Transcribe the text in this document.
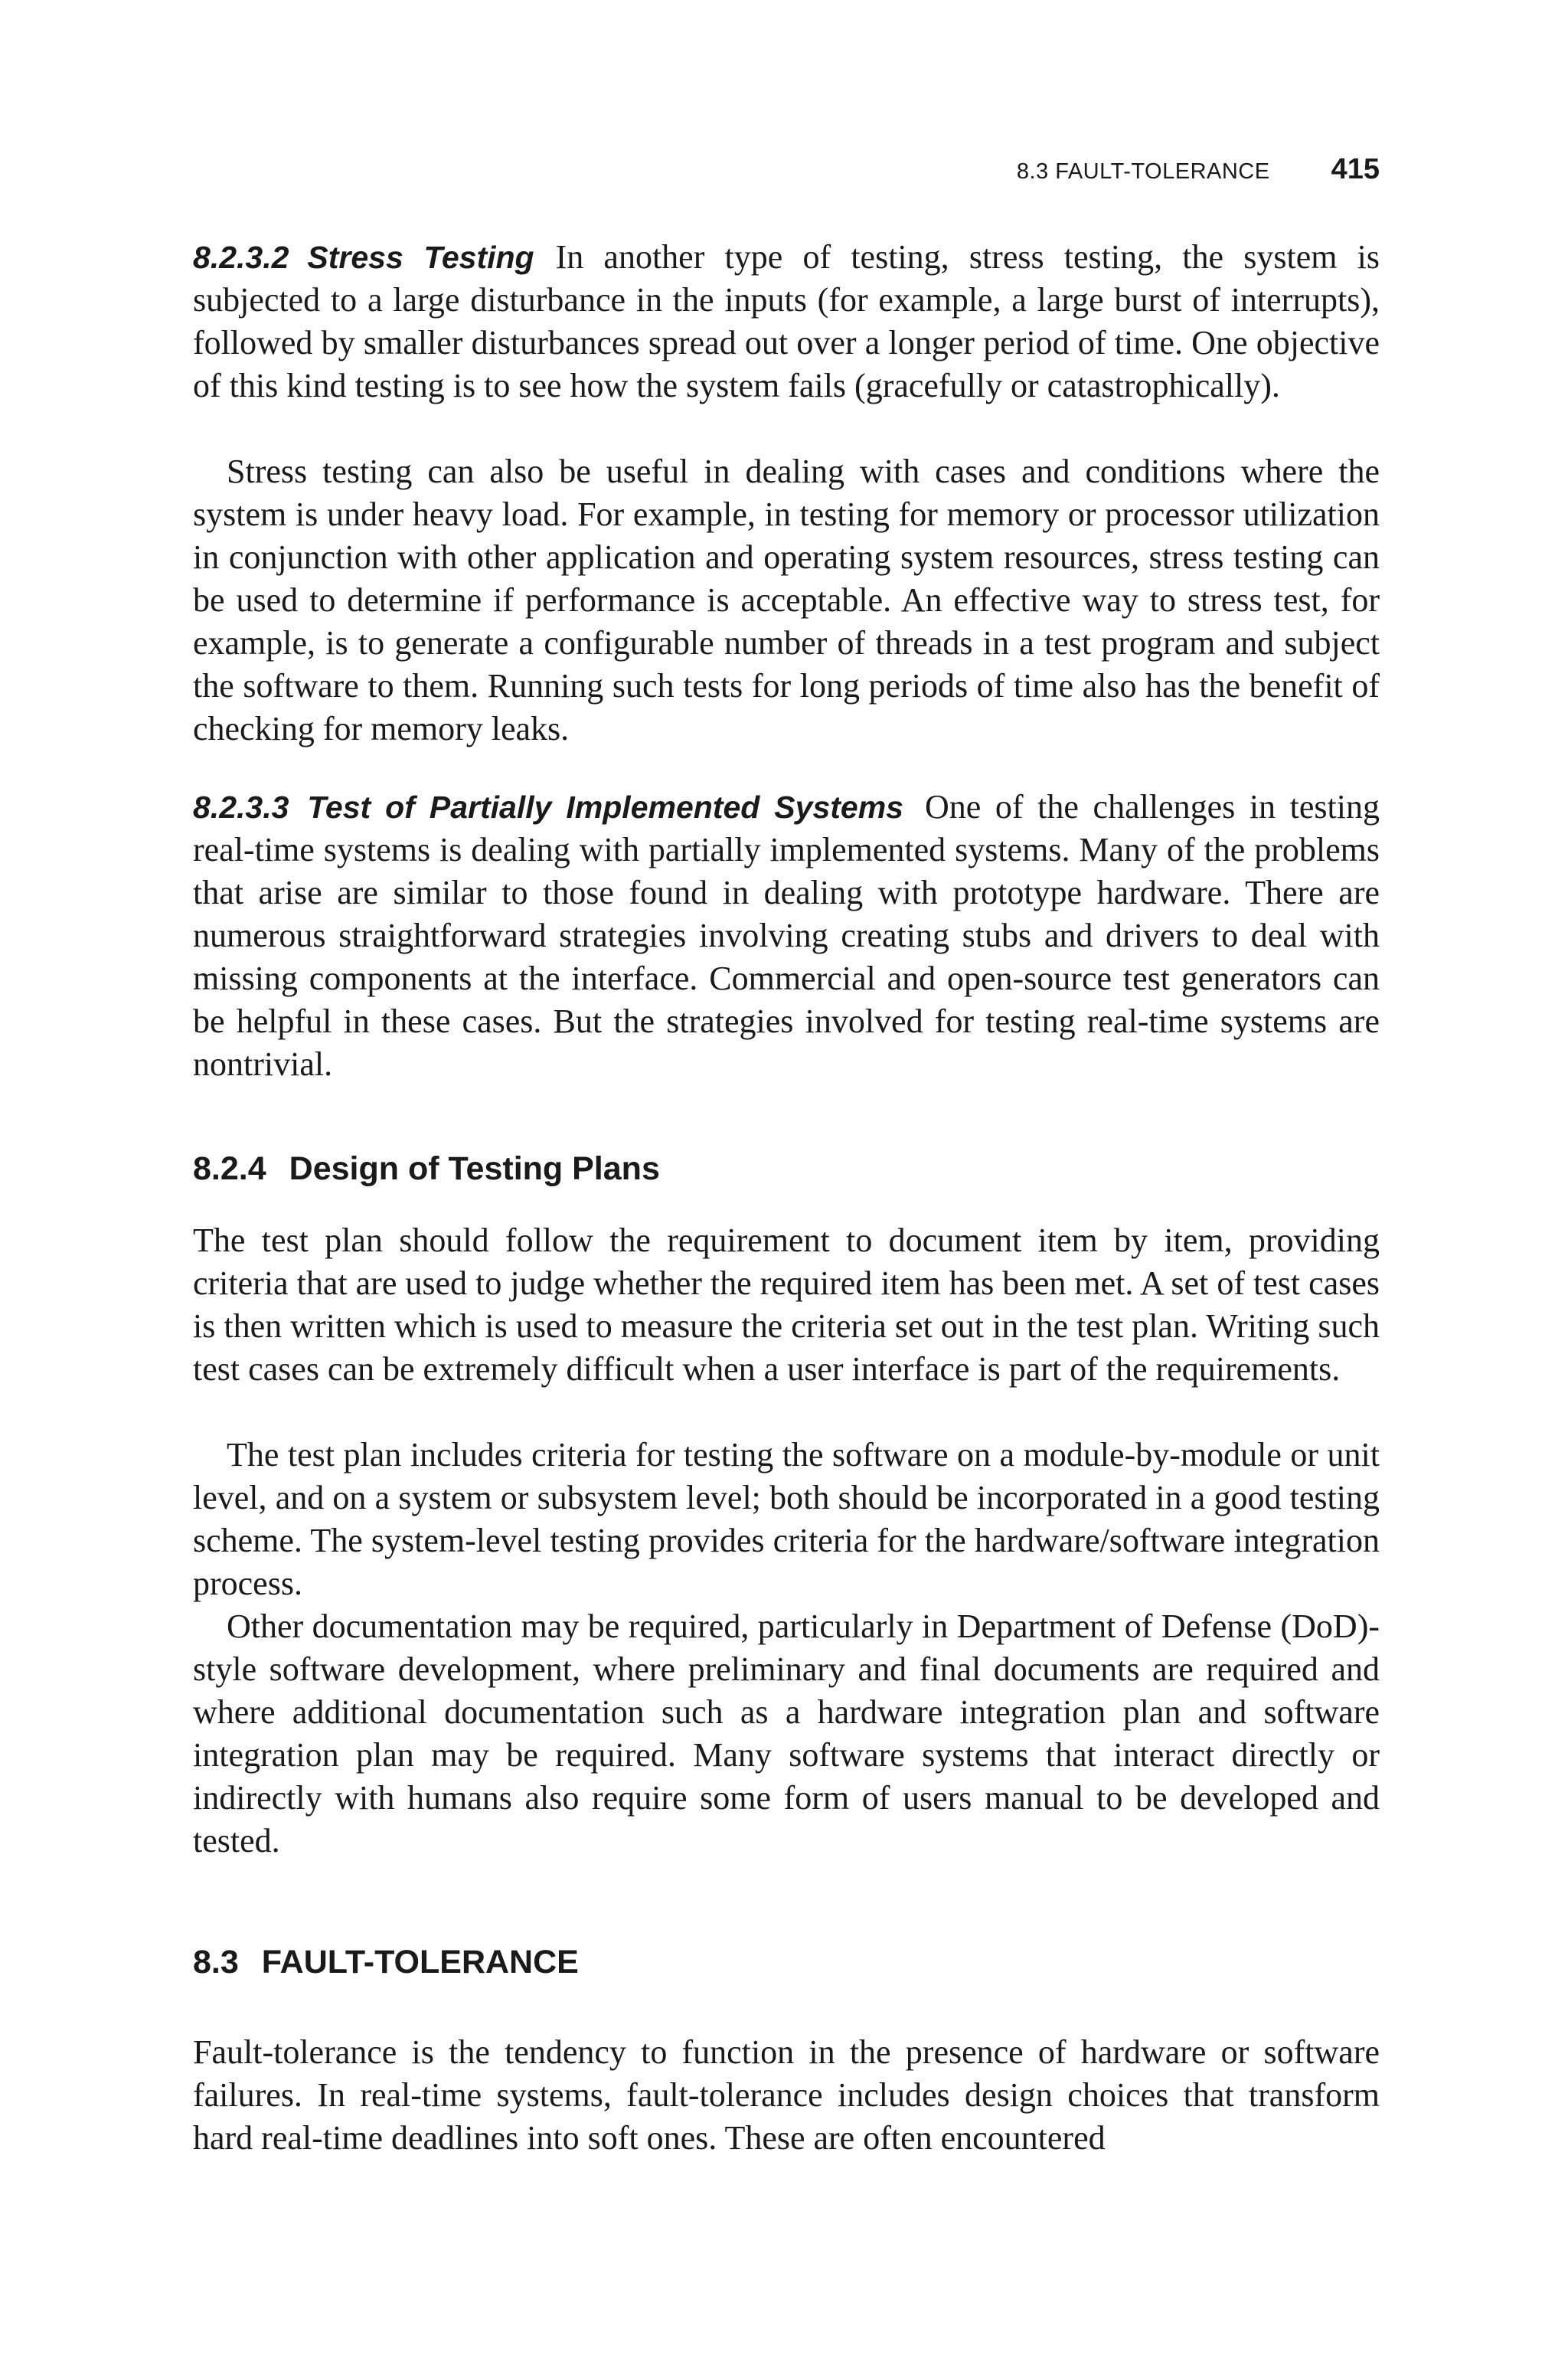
8.3 FAULT-TOLERANCE 415

8.2.3.2 Stress Testing In another type of testing, stress testing, the system is subjected to a large disturbance in the inputs (for example, a large burst of interrupts), followed by smaller disturbances spread out over a longer period of time. One objective of this kind testing is to see how the system fails (gracefully or catastrophically).

Stress testing can also be useful in dealing with cases and conditions where the system is under heavy load. For example, in testing for memory or processor utilization in conjunction with other application and operating system resources, stress testing can be used to determine if performance is acceptable. An effective way to stress test, for example, is to generate a configurable number of threads in a test program and subject the software to them. Running such tests for long periods of time also has the benefit of checking for memory leaks.

8.2.3.3 Test of Partially Implemented Systems One of the challenges in testing real-time systems is dealing with partially implemented systems. Many of the problems that arise are similar to those found in dealing with prototype hardware. There are numerous straightforward strategies involving creating stubs and drivers to deal with missing components at the interface. Commercial and open-source test generators can be helpful in these cases. But the strategies involved for testing real-time systems are nontrivial.

8.2.4 Design of Testing Plans

The test plan should follow the requirement to document item by item, providing criteria that are used to judge whether the required item has been met. A set of test cases is then written which is used to measure the criteria set out in the test plan. Writing such test cases can be extremely difficult when a user interface is part of the requirements.

The test plan includes criteria for testing the software on a module-by-module or unit level, and on a system or subsystem level; both should be incorporated in a good testing scheme. The system-level testing provides criteria for the hardware/software integration process.

Other documentation may be required, particularly in Department of Defense (DoD)-style software development, where preliminary and final documents are required and where additional documentation such as a hardware integration plan and software integration plan may be required. Many software systems that interact directly or indirectly with humans also require some form of users manual to be developed and tested.

8.3 FAULT-TOLERANCE

Fault-tolerance is the tendency to function in the presence of hardware or software failures. In real-time systems, fault-tolerance includes design choices that transform hard real-time deadlines into soft ones. These are often encountered
